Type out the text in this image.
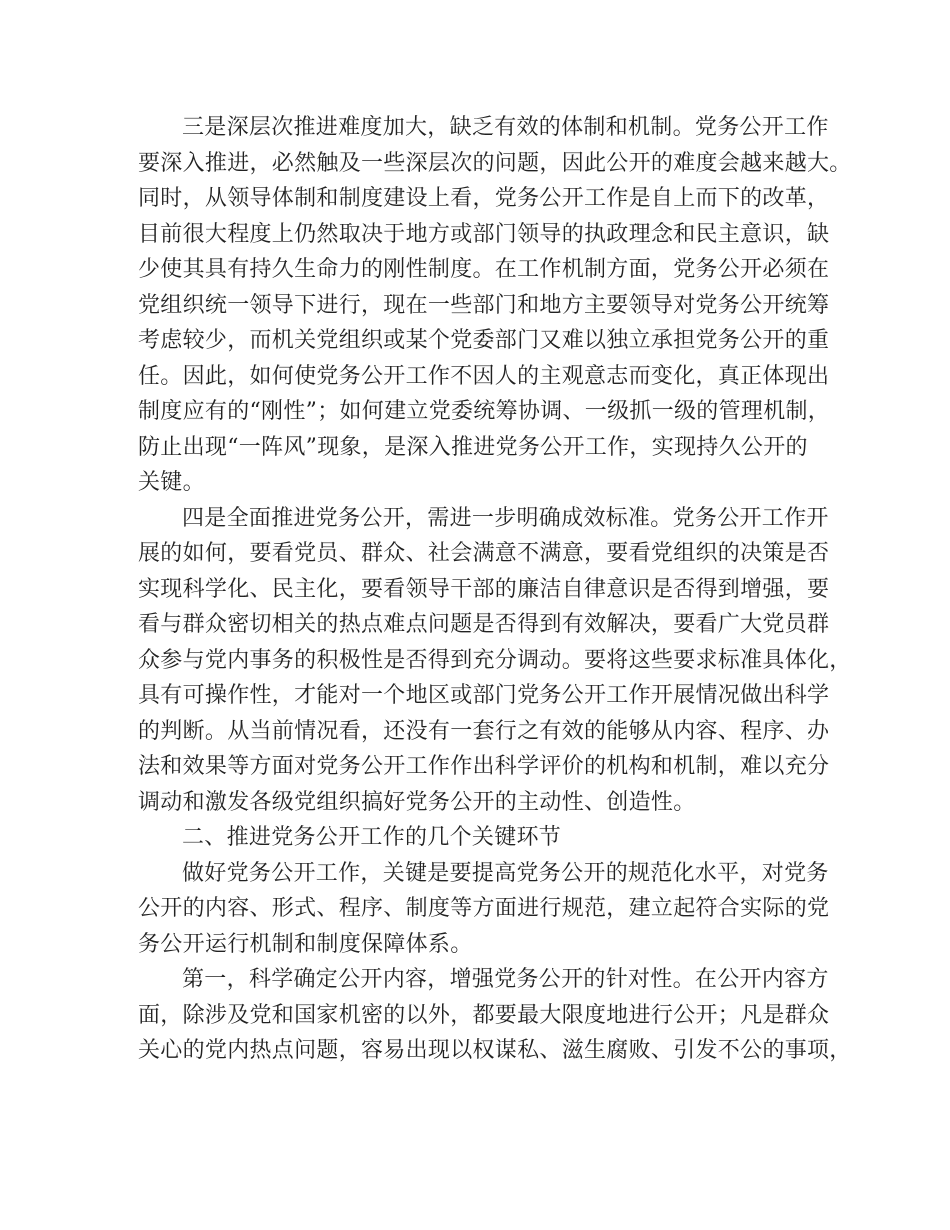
三是深层次推进难度加大，缺乏有效的体制和机制。党务公开工作
要深入推进，必然触及一些深层次的问题，因此公开的难度会越来越大。
同时，从领导体制和制度建设上看，党务公开工作是自上而下的改革，
目前很大程度上仍然取决于地方或部门领导的执政理念和民主意识，缺
少使其具有持久生命力的刚性制度。在工作机制方面，党务公开必须在
党组织统一领导下进行，现在一些部门和地方主要领导对党务公开统筹
考虑较少，而机关党组织或某个党委部门又难以独立承担党务公开的重
任。因此，如何使党务公开工作不因人的主观意志而变化，真正体现出
制度应有的“刚性”；如何建立党委统筹协调、一级抓一级的管理机制，
防止出现“一阵风”现象，是深入推进党务公开工作，实现持久公开的
关键。
四是全面推进党务公开，需进一步明确成效标准。党务公开工作开
展的如何，要看党员、群众、社会满意不满意，要看党组织的决策是否
实现科学化、民主化，要看领导干部的廉洁自律意识是否得到增强，要
看与群众密切相关的热点难点问题是否得到有效解决，要看广大党员群
众参与党内事务的积极性是否得到充分调动。要将这些要求标准具体化，
具有可操作性，才能对一个地区或部门党务公开工作开展情况做出科学
的判断。从当前情况看，还没有一套行之有效的能够从内容、程序、办
法和效果等方面对党务公开工作作出科学评价的机构和机制，难以充分
调动和激发各级党组织搞好党务公开的主动性、创造性。
二、推进党务公开工作的几个关键环节
做好党务公开工作，关键是要提高党务公开的规范化水平，对党务
公开的内容、形式、程序、制度等方面进行规范，建立起符合实际的党
务公开运行机制和制度保障体系。
第一，科学确定公开内容，增强党务公开的针对性。在公开内容方
面，除涉及党和国家机密的以外，都要最大限度地进行公开；凡是群众
关心的党内热点问题，容易出现以权谋私、滋生腐败、引发不公的事项，
